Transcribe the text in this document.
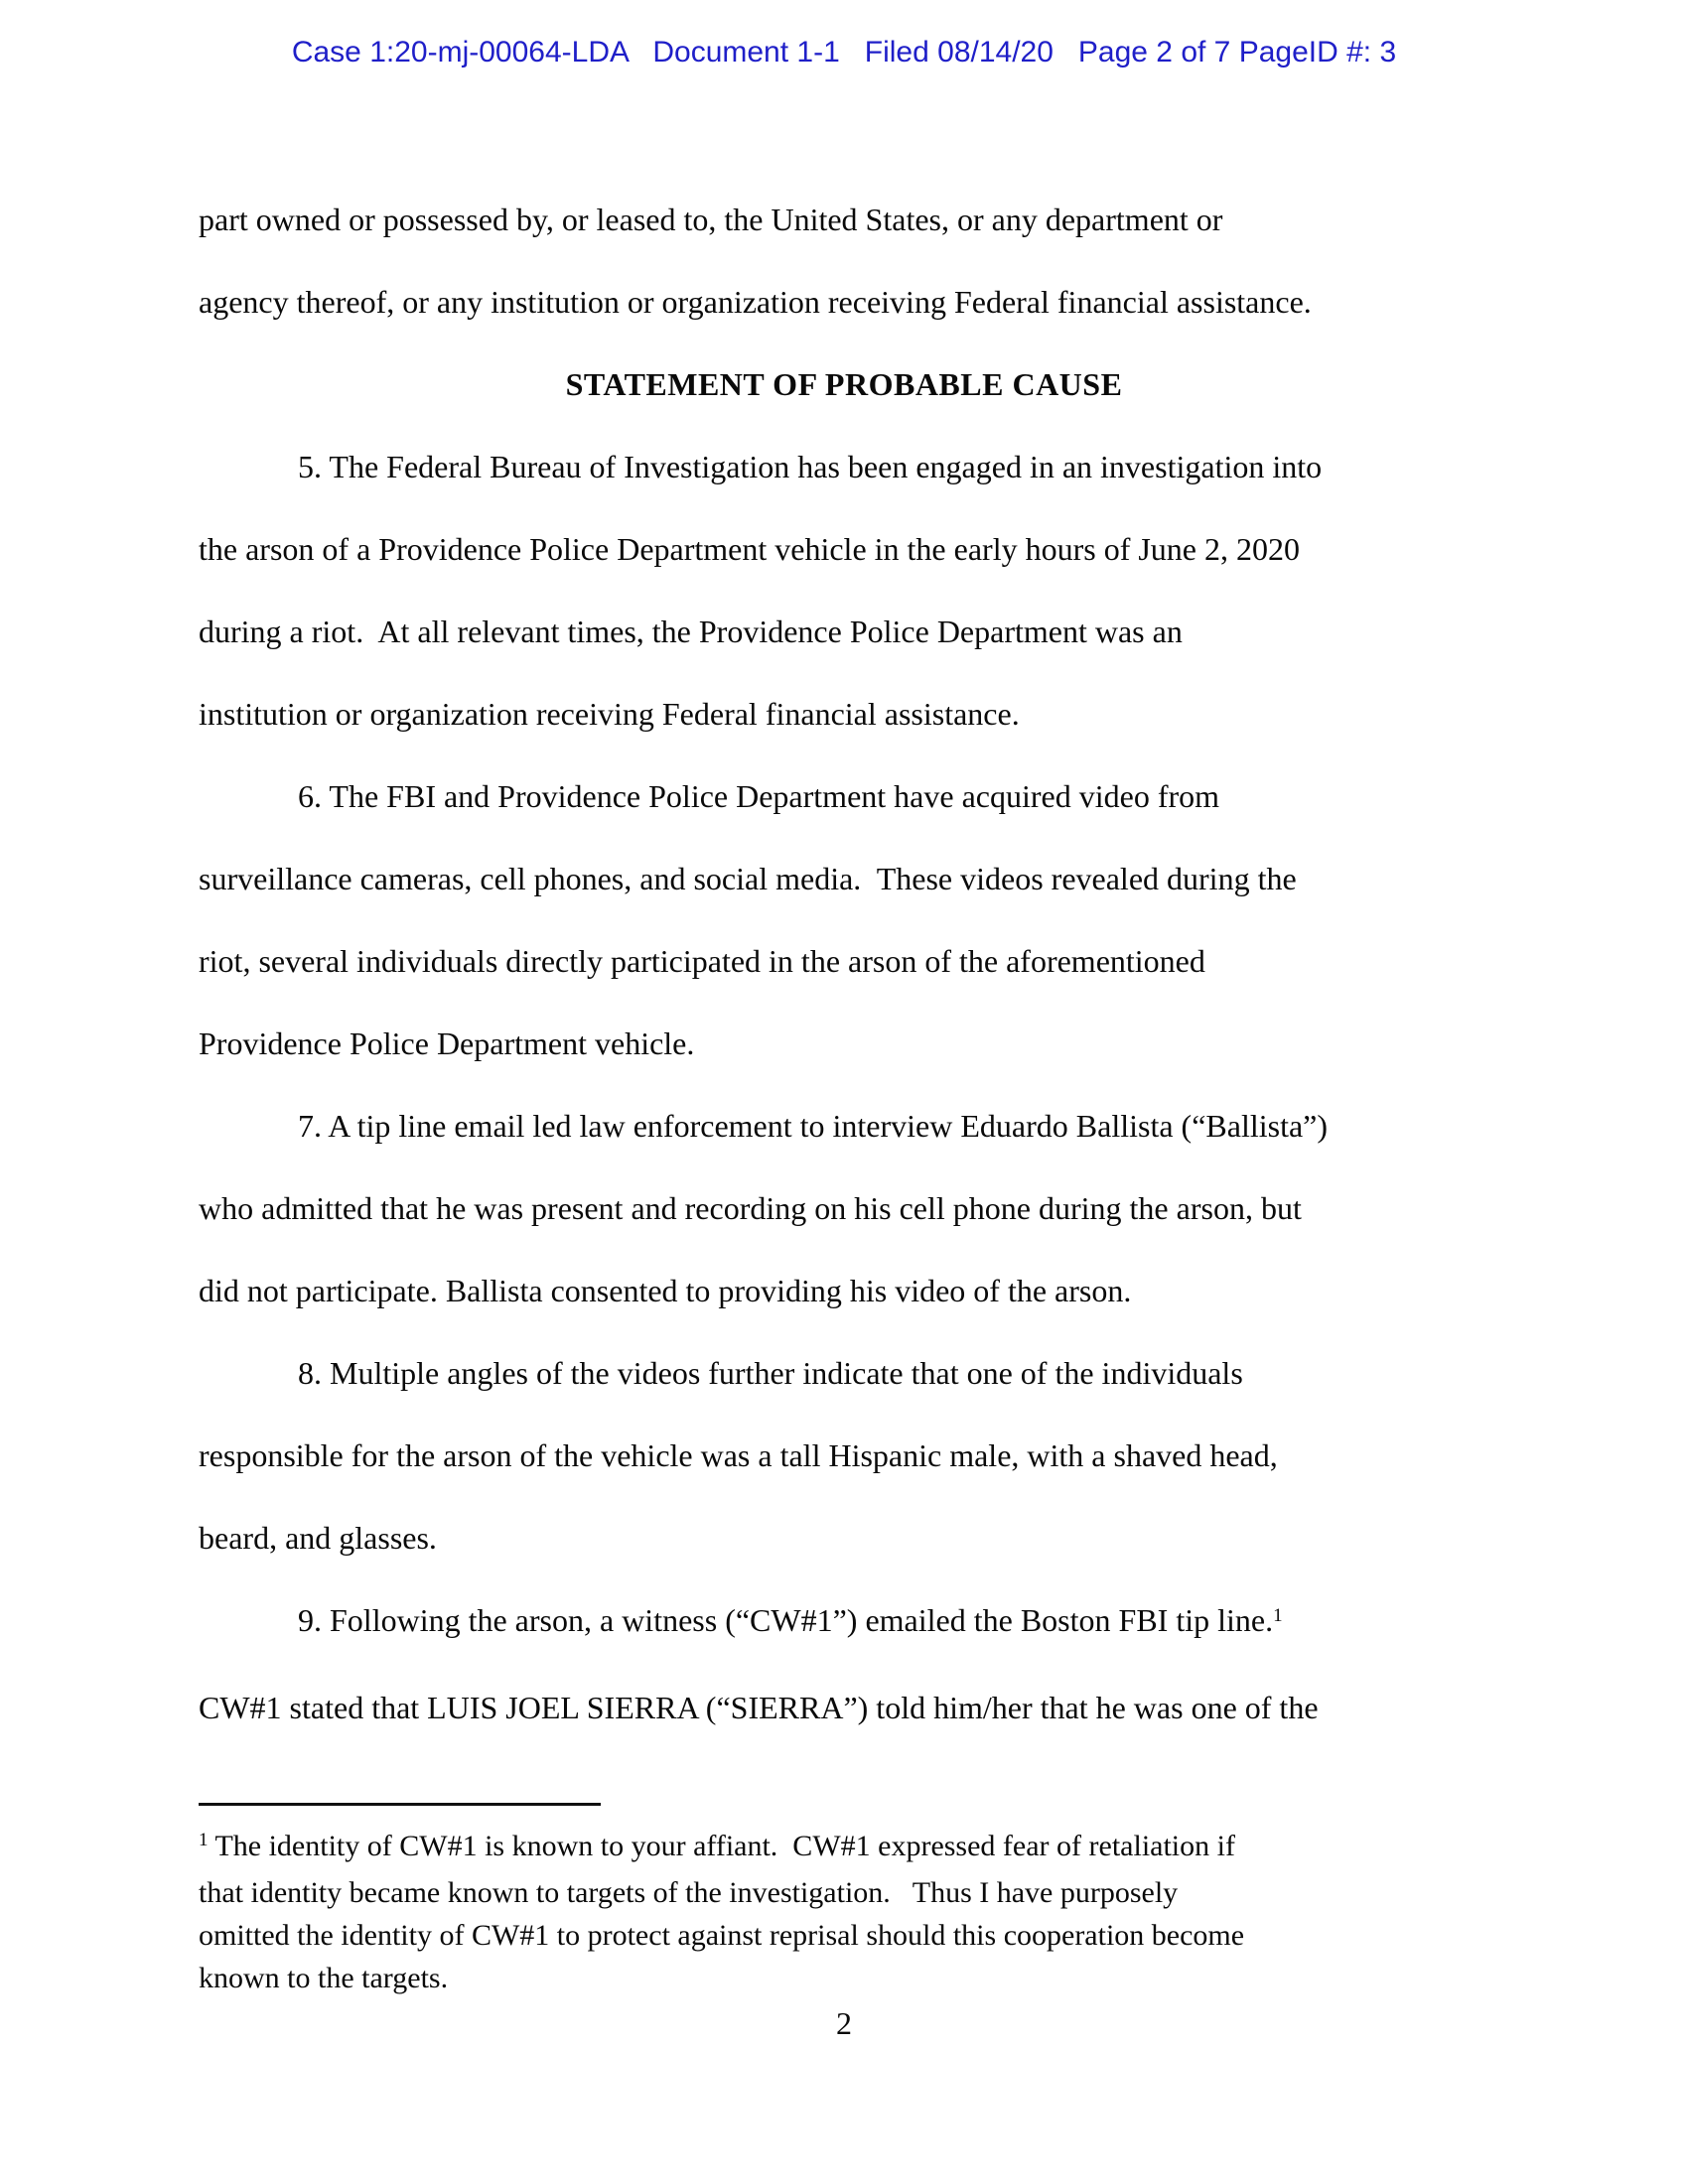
Case 1:20-mj-00064-LDA   Document 1-1   Filed 08/14/20   Page 2 of 7 PageID #: 3
part owned or possessed by, or leased to, the United States, or any department or
agency thereof, or any institution or organization receiving Federal financial assistance.
STATEMENT OF PROBABLE CAUSE
5. The Federal Bureau of Investigation has been engaged in an investigation into
the arson of a Providence Police Department vehicle in the early hours of June 2, 2020
during a riot.  At all relevant times, the Providence Police Department was an
institution or organization receiving Federal financial assistance.
6. The FBI and Providence Police Department have acquired video from
surveillance cameras, cell phones, and social media.  These videos revealed during the
riot, several individuals directly participated in the arson of the aforementioned
Providence Police Department vehicle.
7. A tip line email led law enforcement to interview Eduardo Ballista (“Ballista”)
who admitted that he was present and recording on his cell phone during the arson, but
did not participate. Ballista consented to providing his video of the arson.
8. Multiple angles of the videos further indicate that one of the individuals
responsible for the arson of the vehicle was a tall Hispanic male, with a shaved head,
beard, and glasses.
9. Following the arson, a witness (“CW#1”) emailed the Boston FBI tip line.$^1$
CW#1 stated that LUIS JOEL SIERRA (“SIERRA”) told him/her that he was one of the
$^1$ The identity of CW#1 is known to your affiant.  CW#1 expressed fear of retaliation if
that identity became known to targets of the investigation.   Thus I have purposely
omitted the identity of CW#1 to protect against reprisal should this cooperation become
known to the targets.
2
